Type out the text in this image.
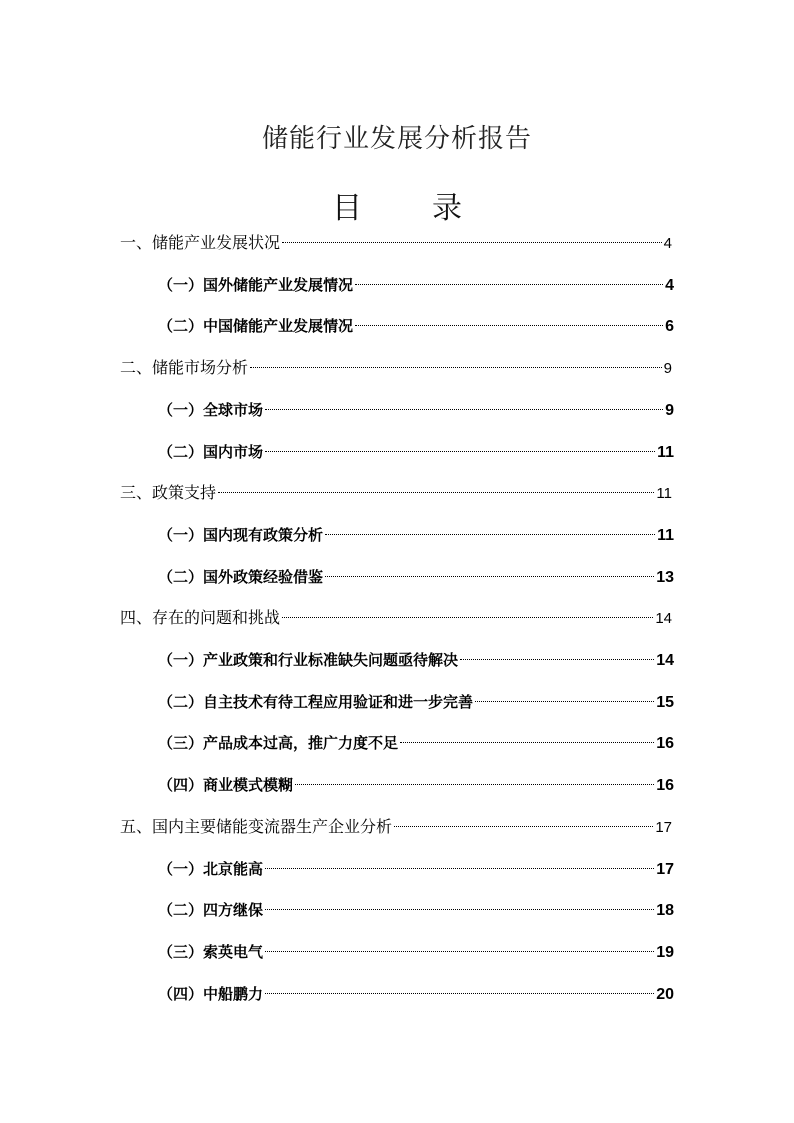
储能行业发展分析报告
目 录
一、储能产业发展状况	4
（一）国外储能产业发展情况	4
（二）中国储能产业发展情况	6
二、储能市场分析	9
（一）全球市场	9
（二）国内市场	11
三、政策支持	11
（一）国内现有政策分析	11
（二）国外政策经验借鉴	13
四、存在的问题和挑战	14
（一）产业政策和行业标准缺失问题亟待解决	14
（二）自主技术有待工程应用验证和进一步完善	15
（三）产品成本过高，推广力度不足	16
（四）商业模式模糊	16
五、国内主要储能变流器生产企业分析	17
（一）北京能高	17
（二）四方继保	18
（三）索英电气	19
（四）中船鹏力	20
